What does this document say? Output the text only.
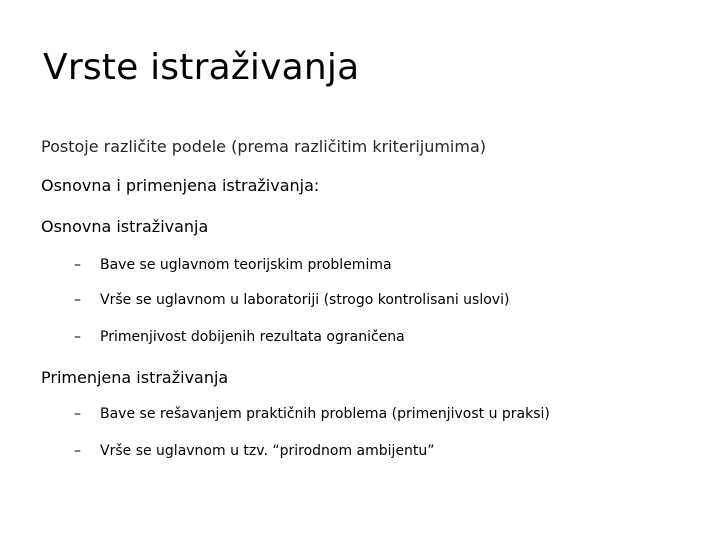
Vrste istraživanja
Postoje različite podele (prema različitim kriterijumima)
Osnovna i primenjena istraživanja:
Osnovna istraživanja
– Bave se uglavnom teorijskim problemima
– Vrše se uglavnom u laboratoriji (strogo kontrolisani uslovi)
– Primenjivost dobijenih rezultata ograničena
Primenjena istraživanja
– Bave se rešavanjem praktičnih problema (primenjivost u praksi)
– Vrše se uglavnom u tzv. “prirodnom ambijentu”
